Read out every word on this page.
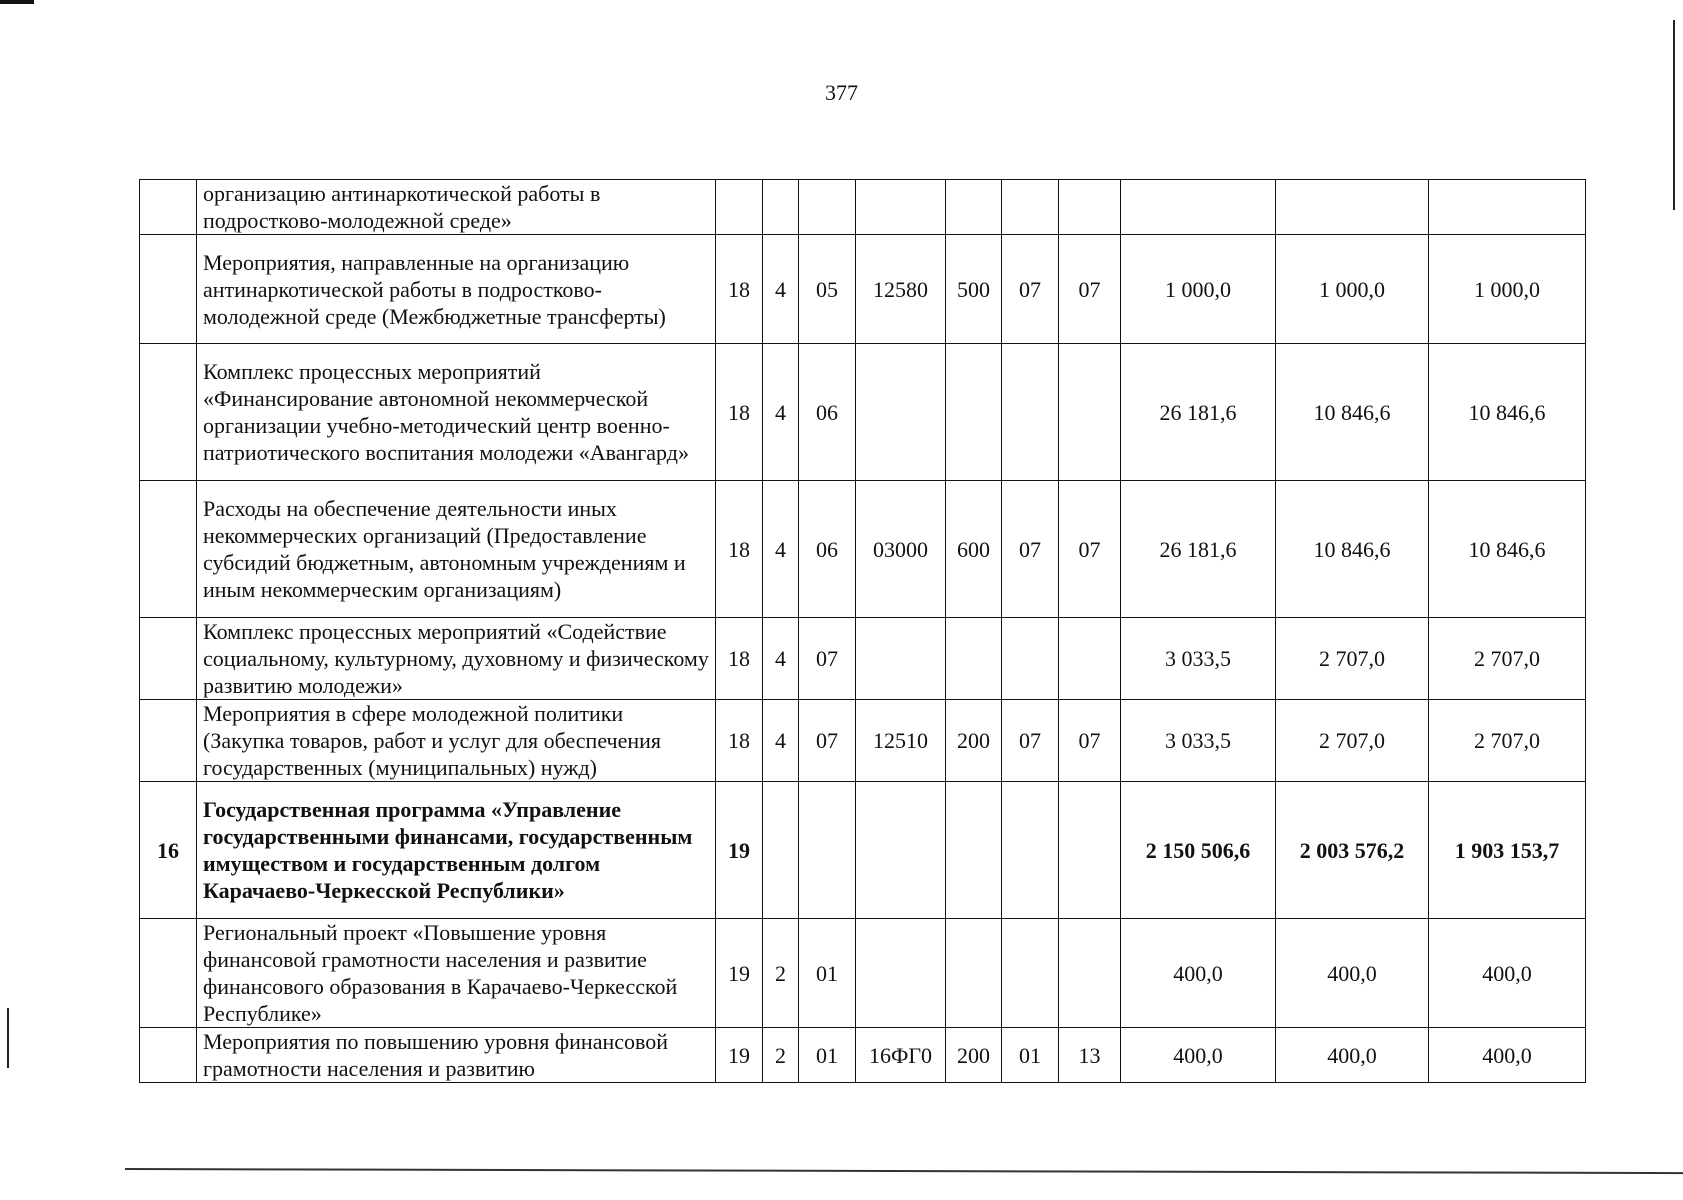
377
	организацию антинаркотической работы в подростково-молодежной среде»										
	Мероприятия, направленные на организацию антинаркотической работы в подростково-молодежной среде (Межбюджетные трансферты)	18	4	05	12580	500	07	07	1 000,0	1 000,0	1 000,0
	Комплекс процессных мероприятий «Финансирование автономной некоммерческой организации учебно-методический центр военно-патриотического воспитания молодежи «Авангард»	18	4	06					26 181,6	10 846,6	10 846,6
	Расходы на обеспечение деятельности иных некоммерческих организаций (Предоставление субсидий бюджетным, автономным учреждениям и иным некоммерческим организациям)	18	4	06	03000	600	07	07	26 181,6	10 846,6	10 846,6
	Комплекс процессных мероприятий «Содействие социальному, культурному, духовному и физическому развитию молодежи»	18	4	07					3 033,5	2 707,0	2 707,0
	Мероприятия в сфере молодежной политики (Закупка товаров, работ и услуг для обеспечения государственных (муниципальных) нужд)	18	4	07	12510	200	07	07	3 033,5	2 707,0	2 707,0
16	Государственная программа «Управление государственными финансами, государственным имуществом и государственным долгом Карачаево-Черкесской Республики»	19							2 150 506,6	2 003 576,2	1 903 153,7
	Региональный проект «Повышение уровня финансовой грамотности населения и развитие финансового образования в Карачаево-Черкесской Республике»	19	2	01					400,0	400,0	400,0
	Мероприятия по повышению уровня финансовой грамотности населения и развитию	19	2	01	16ФГ0	200	01	13	400,0	400,0	400,0
